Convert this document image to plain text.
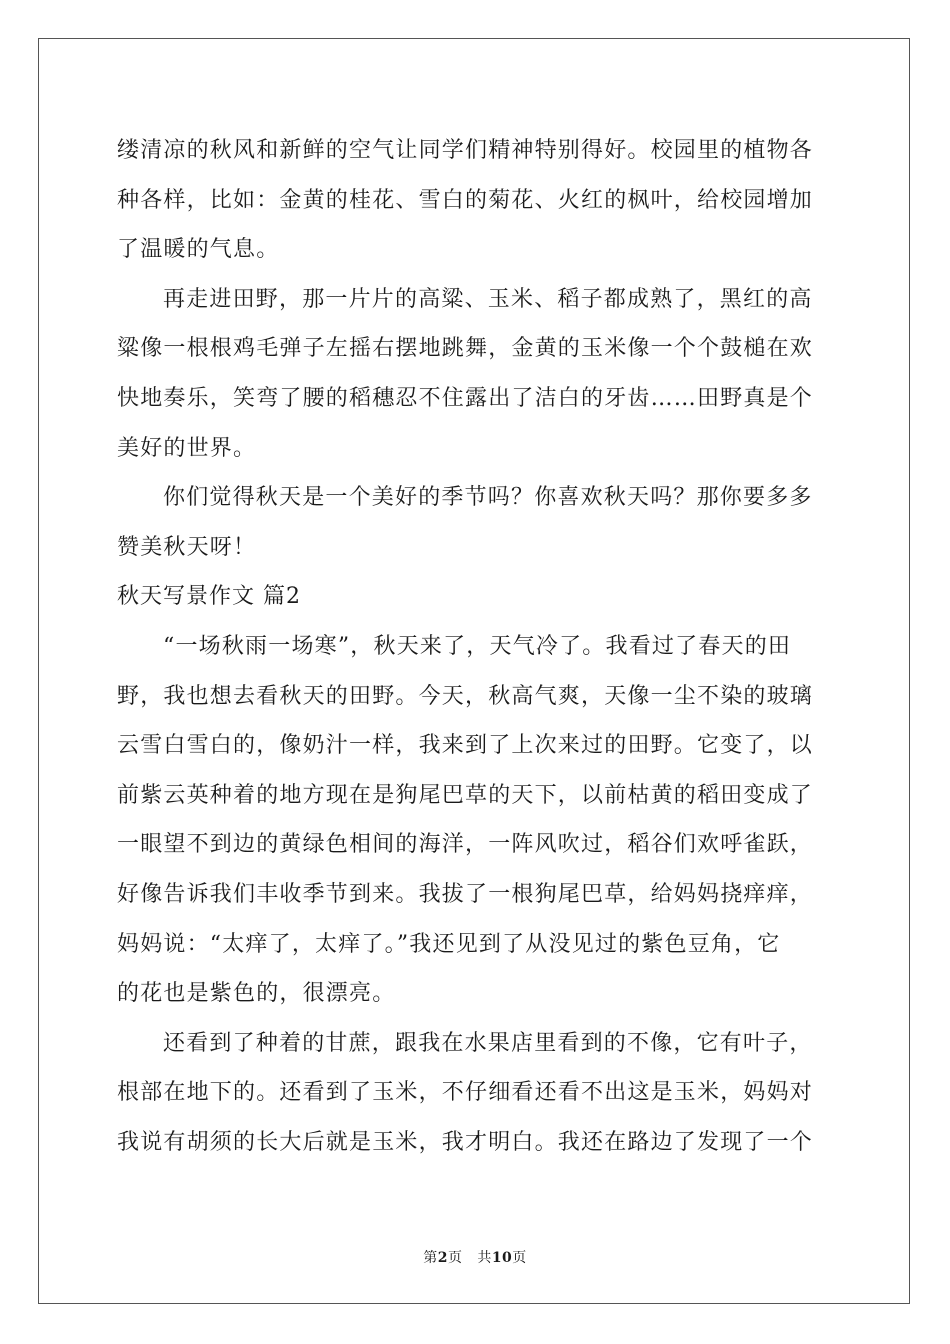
缕清凉的秋风和新鲜的空气让同学们精神特别得好。校园里的植物各
种各样，比如：金黄的桂花、雪白的菊花、火红的枫叶，给校园增加
了温暖的气息。
再走进田野，那一片片的高粱、玉米、稻子都成熟了，黑红的高
粱像一根根鸡毛弹子左摇右摆地跳舞，金黄的玉米像一个个鼓槌在欢
快地奏乐，笑弯了腰的稻穗忍不住露出了洁白的牙齿……田野真是个
美好的世界。
你们觉得秋天是一个美好的季节吗？你喜欢秋天吗？那你要多多
赞美秋天呀！
秋天写景作文 篇2
“一场秋雨一场寒”，秋天来了，天气冷了。我看过了春天的田
野，我也想去看秋天的田野。今天，秋高气爽，天像一尘不染的玻璃
云雪白雪白的，像奶汁一样，我来到了上次来过的田野。它变了，以
前紫云英种着的地方现在是狗尾巴草的天下，以前枯黄的稻田变成了
一眼望不到边的黄绿色相间的海洋，一阵风吹过，稻谷们欢呼雀跃，
好像告诉我们丰收季节到来。我拔了一根狗尾巴草，给妈妈挠痒痒，
妈妈说：“太痒了，太痒了。”我还见到了从没见过的紫色豆角，它
的花也是紫色的，很漂亮。
还看到了种着的甘蔗，跟我在水果店里看到的不像，它有叶子，
根部在地下的。还看到了玉米，不仔细看还看不出这是玉米，妈妈对
我说有胡须的长大后就是玉米，我才明白。我还在路边了发现了一个
第2页 共10页
